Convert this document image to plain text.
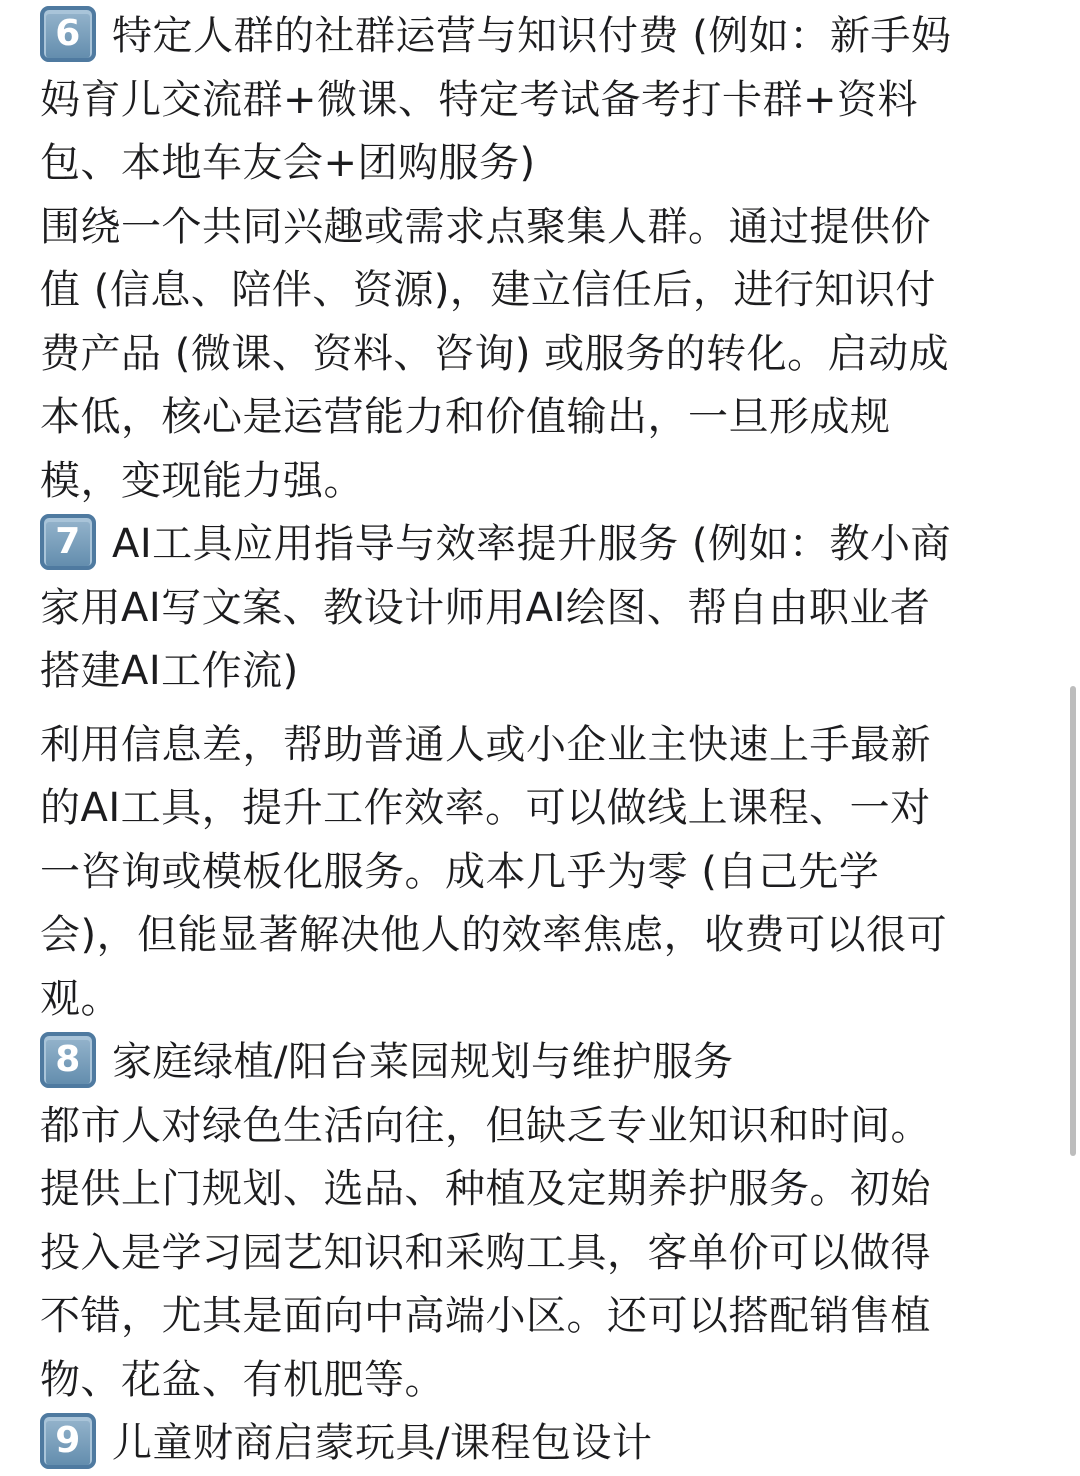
6 特定人群的社群运营与知识付费 (例如：新手妈
妈育儿交流群+微课、特定考试备考打卡群+资料
包、本地车友会+团购服务)
围绕一个共同兴趣或需求点聚集人群。通过提供价
值 (信息、陪伴、资源)，建立信任后，进行知识付
费产品 (微课、资料、咨询) 或服务的转化。启动成
本低，核心是运营能力和价值输出，一旦形成规
模，变现能力强。
7 AI工具应用指导与效率提升服务 (例如：教小商
家用AI写文案、教设计师用AI绘图、帮自由职业者
搭建AI工作流)
利用信息差，帮助普通人或小企业主快速上手最新
的AI工具，提升工作效率。可以做线上课程、一对
一咨询或模板化服务。成本几乎为零 (自己先学
会)，但能显著解决他人的效率焦虑，收费可以很可
观。
8 家庭绿植/阳台菜园规划与维护服务
都市人对绿色生活向往，但缺乏专业知识和时间。
提供上门规划、选品、种植及定期养护服务。初始
投入是学习园艺知识和采购工具，客单价可以做得
不错，尤其是面向中高端小区。还可以搭配销售植
物、花盆、有机肥等。
9 儿童财商启蒙玩具/课程包设计
